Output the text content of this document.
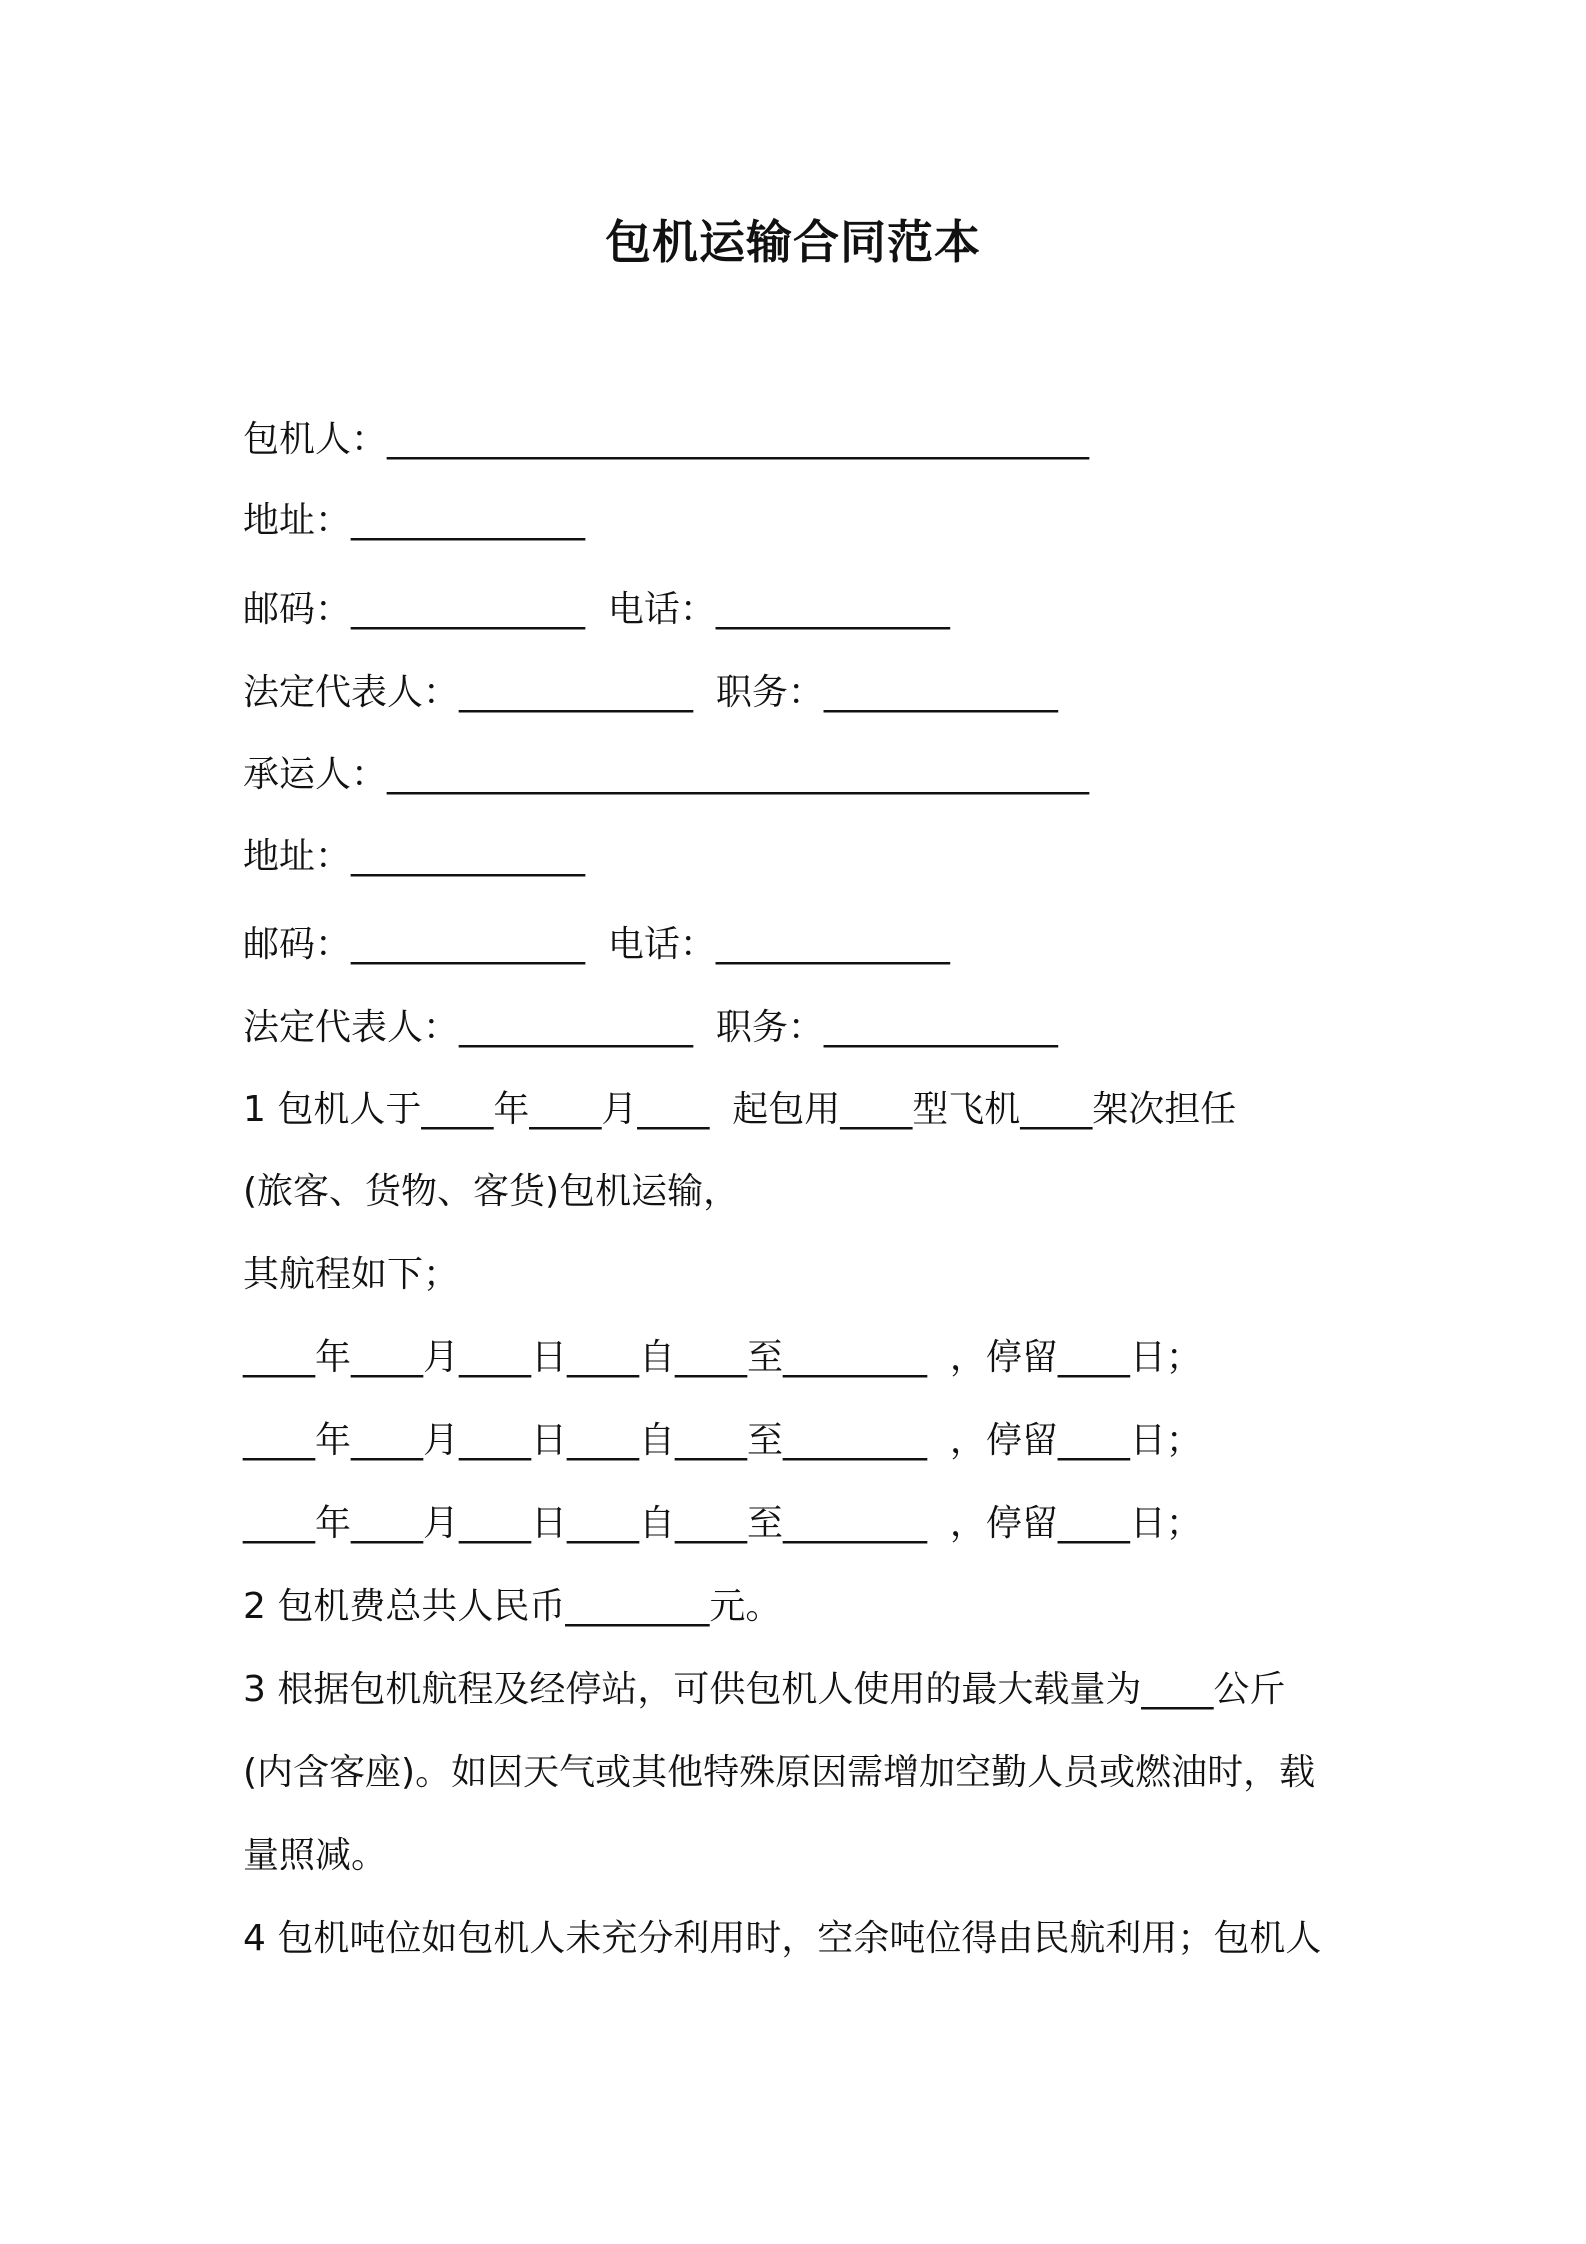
包机运输合同范本
包机人：_______________________________________
地址：_____________
邮码：_____________  电话：_____________
法定代表人：_____________  职务：_____________
承运人：_______________________________________
地址：_____________
邮码：_____________  电话：_____________
法定代表人：_____________  职务：_____________
1 包机人于____年____月____  起包用____型飞机____架次担任
(旅客、货物、客货)包机运输，
其航程如下；
____年____月____日____自____至________  ，停留____日；
____年____月____日____自____至________  ，停留____日；
____年____月____日____自____至________  ，停留____日；
2 包机费总共人民币________元。
3 根据包机航程及经停站，可供包机人使用的最大载量为____公斤
(内含客座)。如因天气或其他特殊原因需增加空勤人员或燃油时，载
量照减。
4 包机吨位如包机人未充分利用时，空余吨位得由民航利用；包机人
